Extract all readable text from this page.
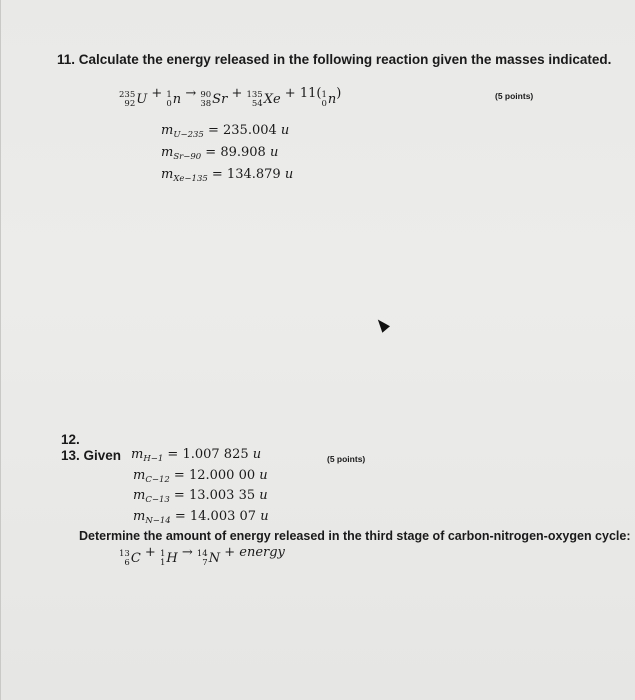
11. Calculate the energy released in the following reaction given the masses indicated.
235
92 U + 1
0 n → 90
38 Sr + 135
54 Xe + 11( 1
0 n )	(5 points)
$m_{U-235} = 235.004$ u
$m_{Sr-90} = 89.908$ u
$m_{Xe-135} = 134.879$ u
12.
13. Given $m_{H-1} = 1.007$ 825 u
$m_{C-12} = 12.000$ 00 u
$m_{C-13} = 13.003$ 35 u
$m_{N-14} = 14.003$ 07 u
(5 points)
Determine the amount of energy released in the third stage of carbon-nitrogen-oxygen cycle:
13
6 C + 1
1 H → 14
7 N + energy
